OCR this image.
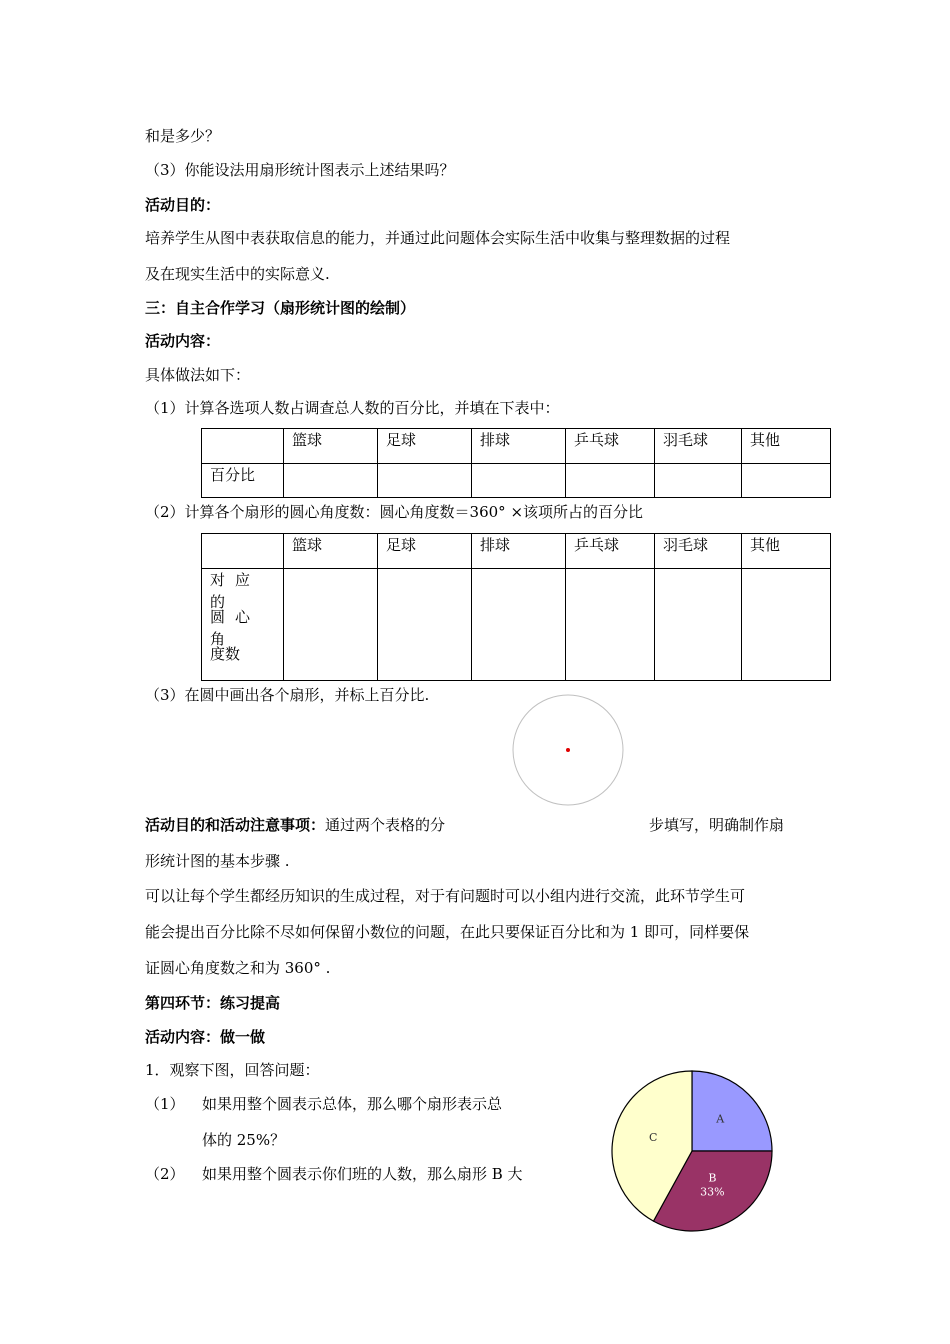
和是多少？
（3）你能设法用扇形统计图表示上述结果吗？
活动目的：
培养学生从图中表获取信息的能力，并通过此问题体会实际生活中收集与整理数据的过程
及在现实生活中的实际意义.
三：自主合作学习（扇形统计图的绘制）
活动内容：
具体做法如下：
（1）计算各选项人数占调查总人数的百分比，并填在下表中：
	篮球	足球	排球	乒乓球	羽毛球	其他
百分比						
（2）计算各个扇形的圆心角度数：圆心角度数＝360° ×该项所占的百分比
	篮球	足球	排球	乒乓球	羽毛球	其他

对应的
圆心角
度数						

（3）在圆中画出各个扇形，并标上百分比.
活动目的和活动注意事项：通过两个表格的分	步填写，明确制作扇
形统计图的基本步骤 .
可以让每个学生都经历知识的生成过程，对于有问题时可以小组内进行交流，此环节学生可
能会提出百分比除不尽如何保留小数位的问题，在此只要保证百分比和为 1 即可，同样要保
证圆心角度数之和为 360° .
第四环节：练习提高
活动内容：做一做
1．观察下图，回答问题：
（1） 如果用整个圆表示总体，那么哪个扇形表示总
体的 25%？
（2） 如果用整个圆表示你们班的人数，那么扇形 B 大
A
B
33%
C
